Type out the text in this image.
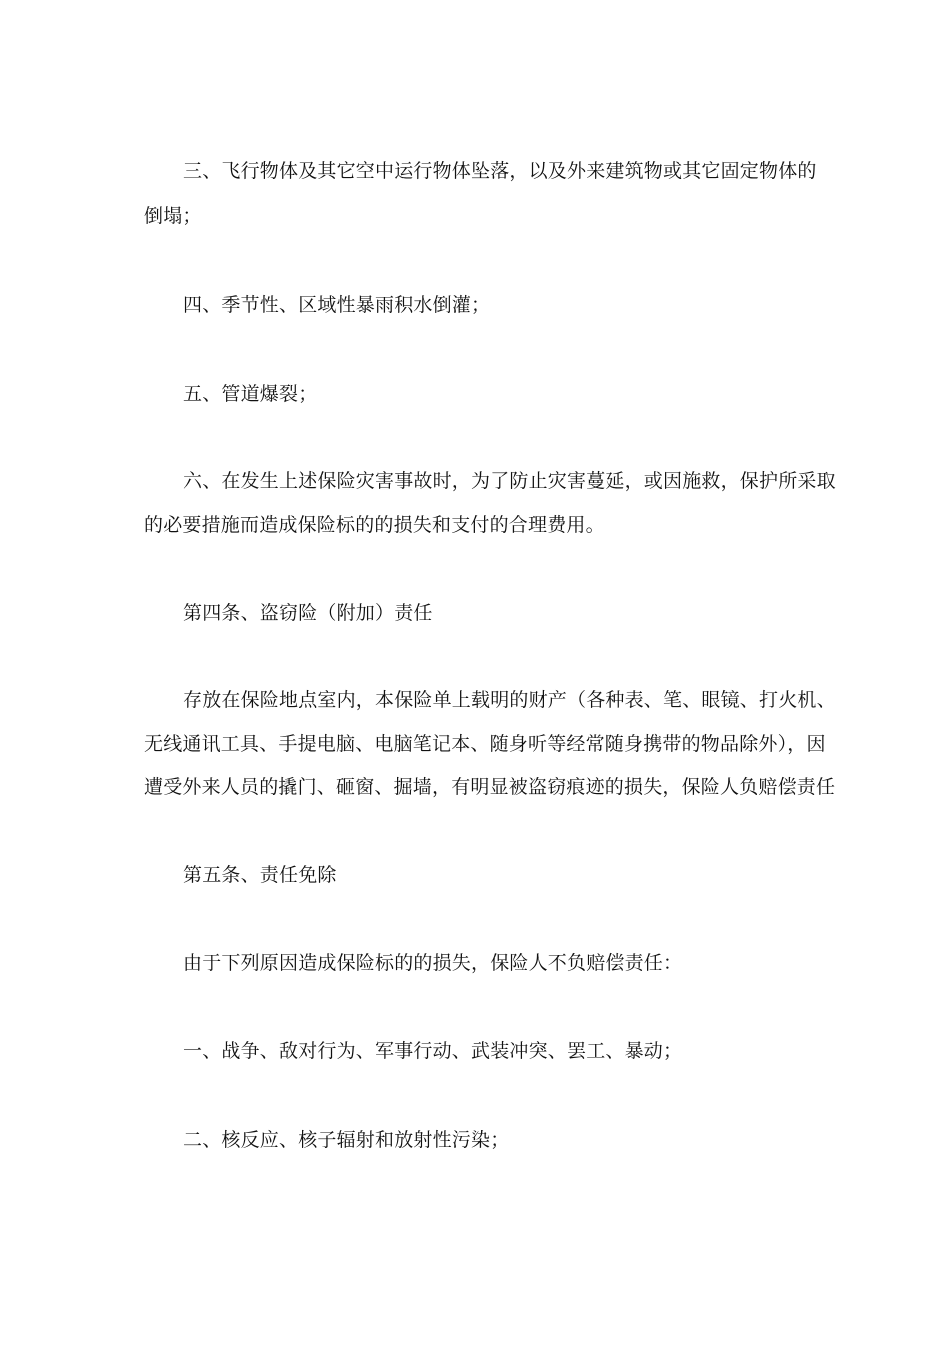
三、飞行物体及其它空中运行物体坠落，以及外来建筑物或其它固定物体的
倒塌；
四、季节性、区域性暴雨积水倒灌；
五、管道爆裂；
六、在发生上述保险灾害事故时，为了防止灾害蔓延，或因施救，保护所采取
的必要措施而造成保险标的的损失和支付的合理费用。
第四条、盗窃险（附加）责任
存放在保险地点室内，本保险单上载明的财产（各种表、笔、眼镜、打火机、
无线通讯工具、手提电脑、电脑笔记本、随身听等经常随身携带的物品除外），因
遭受外来人员的撬门、砸窗、掘墙，有明显被盗窃痕迹的损失，保险人负赔偿责任
第五条、责任免除
由于下列原因造成保险标的的损失，保险人不负赔偿责任：
一、战争、敌对行为、军事行动、武装冲突、罢工、暴动；
二、核反应、核子辐射和放射性污染；
